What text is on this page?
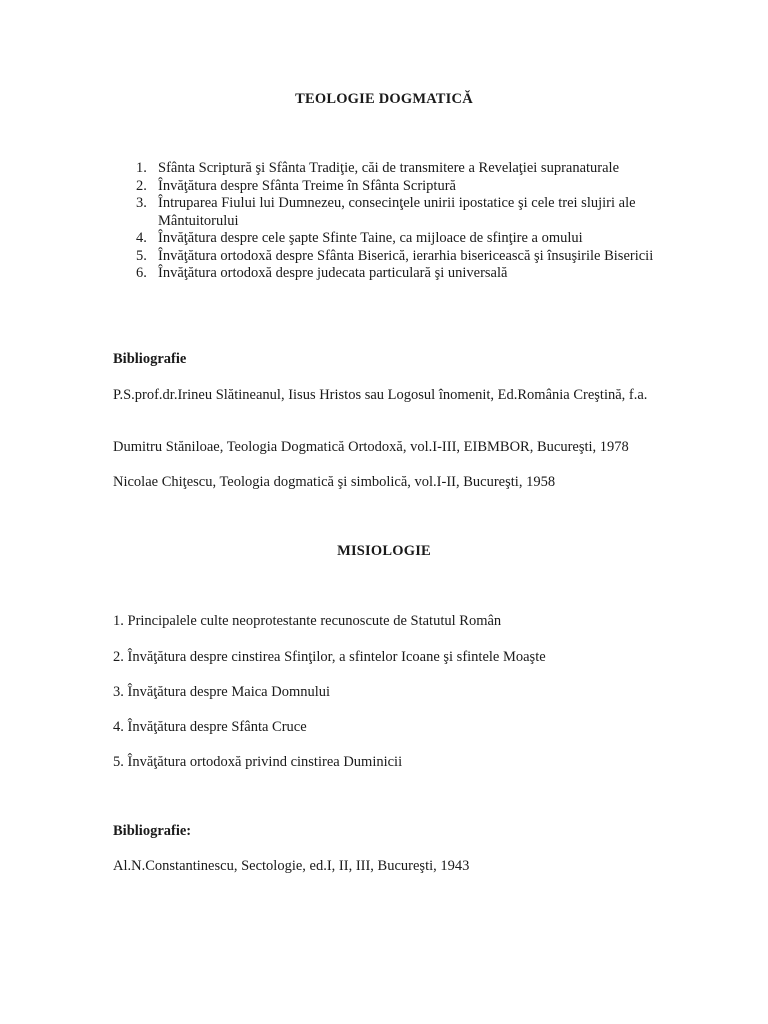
TEOLOGIE DOGMATICĂ
1. Sfânta Scriptură şi Sfânta Tradiţie, căi de transmitere a Revelaţiei supranaturale
2. Învăţătura despre Sfânta Treime în Sfânta Scriptură
3. Întruparea Fiului lui Dumnezeu, consecinţele unirii ipostatice şi cele trei slujiri ale Mântuitorului
4. Învăţătura despre cele şapte Sfinte Taine, ca mijloace de sfinţire a omului
5. Învăţătura ortodoxă despre Sfânta Biserică, ierarhia bisericească şi însuşirile Bisericii
6. Învăţătura ortodoxă despre judecata particulară şi universală
Bibliografie
P.S.prof.dr.Irineu Slătineanul, Iisus Hristos sau Logosul înomenit, Ed.România Creştină, f.a.
Dumitru Stăniloae, Teologia Dogmatică Ortodoxă, vol.I-III, EIBMBOR, Bucureşti, 1978
Nicolae Chiţescu, Teologia dogmatică şi simbolică, vol.I-II, Bucureşti, 1958
MISIOLOGIE
1. Principalele culte neoprotestante recunoscute de Statutul Român
2. Învăţătura despre cinstirea Sfinţilor, a sfintelor Icoane şi sfintele Moaşte
3. Învăţătura despre Maica Domnului
4. Învăţătura despre Sfânta Cruce
5. Învăţătura ortodoxă privind cinstirea Duminicii
Bibliografie:
Al.N.Constantinescu, Sectologie, ed.I, II, III, Bucureşti, 1943
